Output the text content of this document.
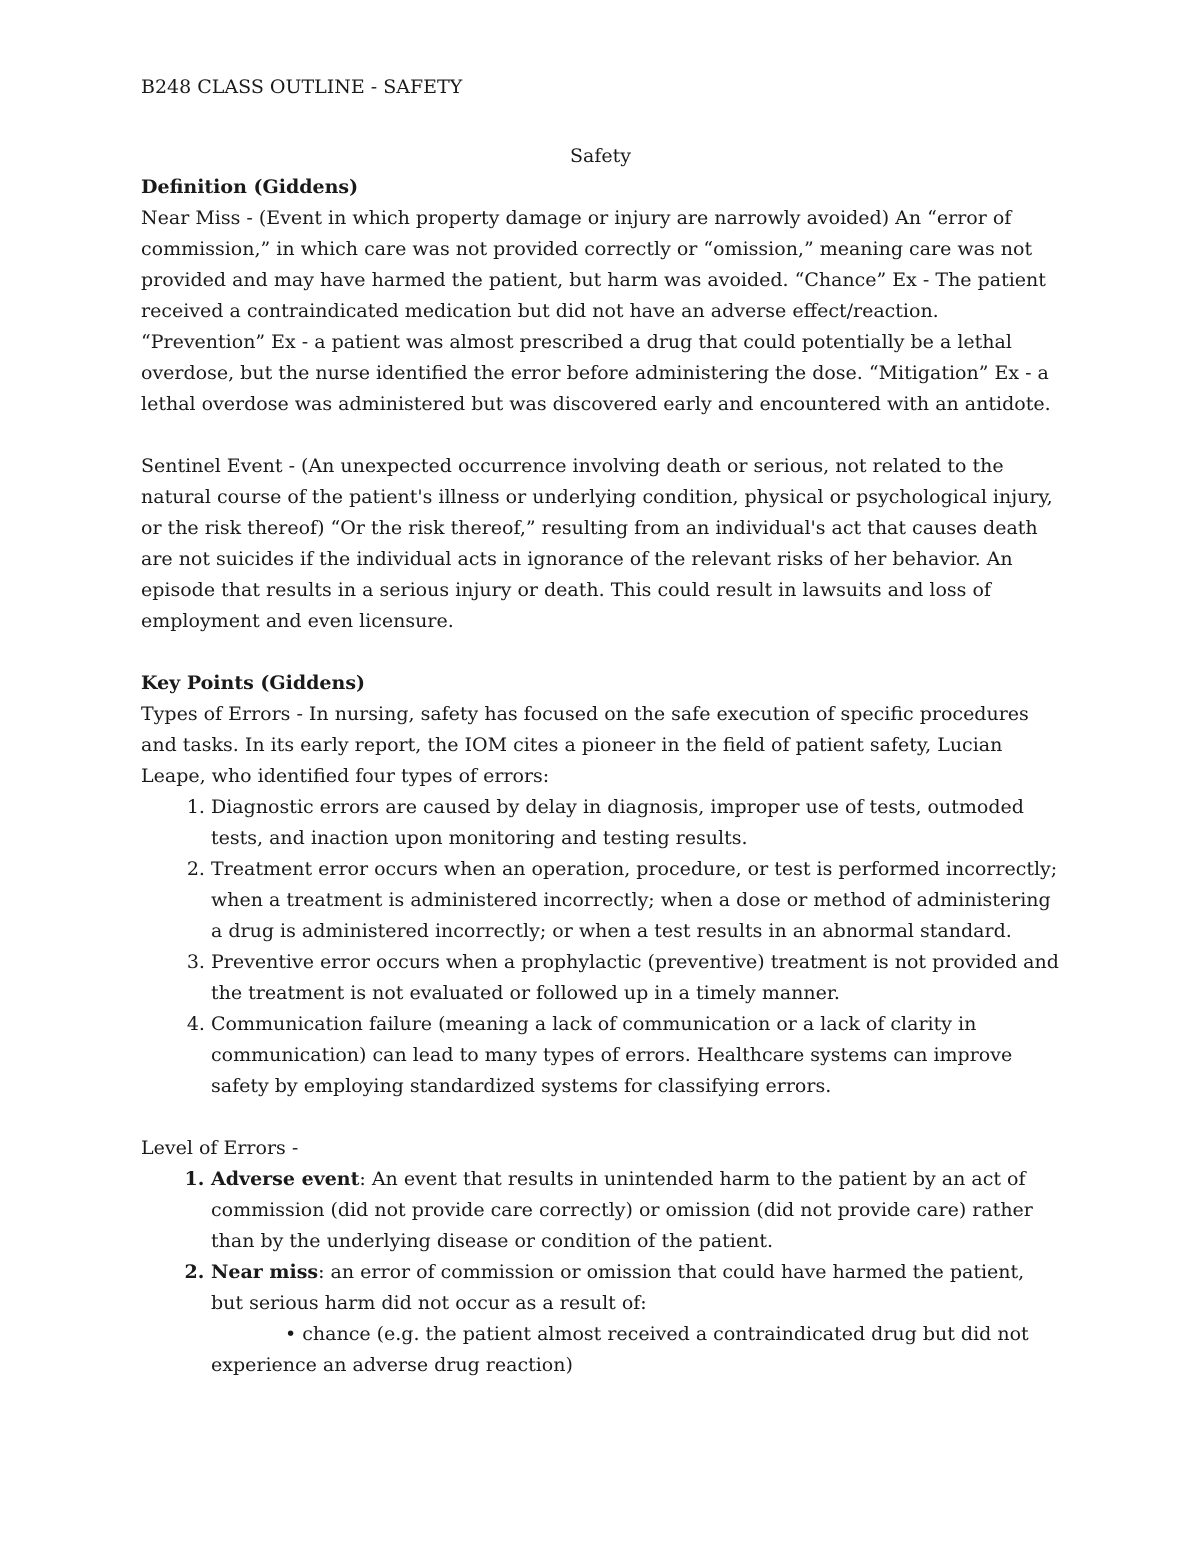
B248 CLASS OUTLINE - SAFETY

Safety

Definition (Giddens)

Near Miss - (Event in which property damage or injury are narrowly avoided) An “error of commission,” in which care was not provided correctly or “omission,” meaning care was not provided and may have harmed the patient, but harm was avoided. “Chance” Ex - The patient received a contraindicated medication but did not have an adverse effect/reaction. “Prevention” Ex - a patient was almost prescribed a drug that could potentially be a lethal overdose, but the nurse identified the error before administering the dose. “Mitigation” Ex - a lethal overdose was administered but was discovered early and encountered with an antidote.

Sentinel Event - (An unexpected occurrence involving death or serious, not related to the natural course of the patient's illness or underlying condition, physical or psychological injury, or the risk thereof) “Or the risk thereof,” resulting from an individual's act that causes death are not suicides if the individual acts in ignorance of the relevant risks of her behavior. An episode that results in a serious injury or death. This could result in lawsuits and loss of employment and even licensure.

Key Points (Giddens)

Types of Errors - In nursing, safety has focused on the safe execution of specific procedures and tasks. In its early report, the IOM cites a pioneer in the field of patient safety, Lucian Leape, who identified four types of errors:

1. Diagnostic errors are caused by delay in diagnosis, improper use of tests, outmoded tests, and inaction upon monitoring and testing results.
2. Treatment error occurs when an operation, procedure, or test is performed incorrectly; when a treatment is administered incorrectly; when a dose or method of administering a drug is administered incorrectly; or when a test results in an abnormal standard.
3. Preventive error occurs when a prophylactic (preventive) treatment is not provided and the treatment is not evaluated or followed up in a timely manner.
4. Communication failure (meaning a lack of communication or a lack of clarity in communication) can lead to many types of errors. Healthcare systems can improve safety by employing standardized systems for classifying errors.

Level of Errors -

1. Adverse event: An event that results in unintended harm to the patient by an act of commission (did not provide care correctly) or omission (did not provide care) rather than by the underlying disease or condition of the patient.
2. Near miss: an error of commission or omission that could have harmed the patient, but serious harm did not occur as a result of:
• chance (e.g. the patient almost received a contraindicated drug but did not experience an adverse drug reaction)
